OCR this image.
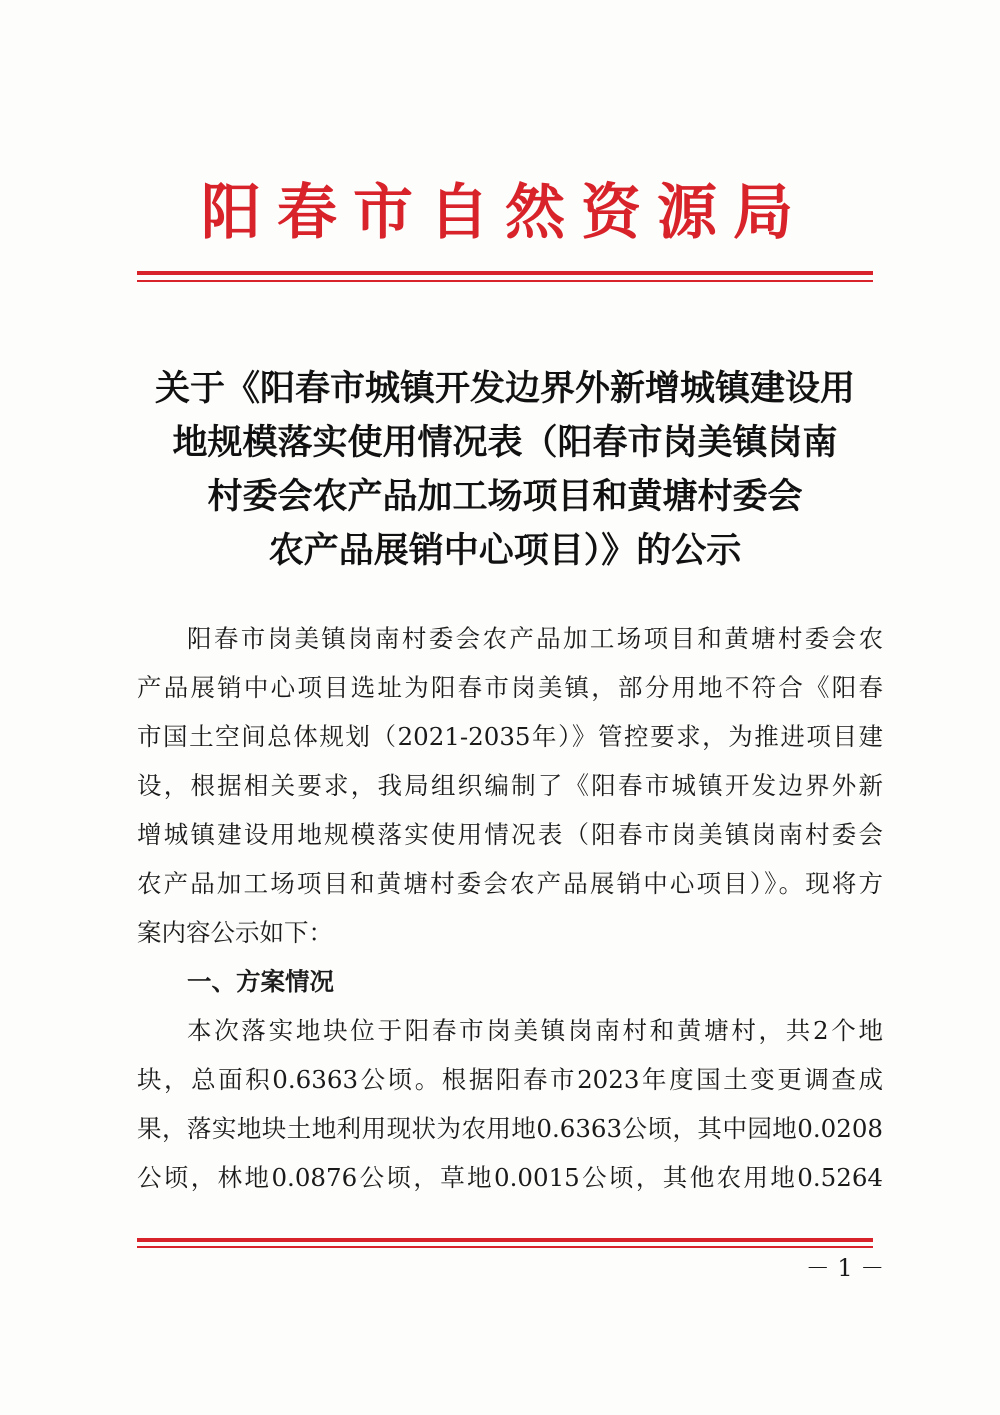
阳春市自然资源局
关于《阳春市城镇开发边界外新增城镇建设用
地规模落实使用情况表（阳春市岗美镇岗南
村委会农产品加工场项目和黄塘村委会
农产品展销中心项目）》的公示
阳春市岗美镇岗南村委会农产品加工场项目和黄塘村委会农
产品展销中心项目选址为阳春市岗美镇，部分用地不符合《阳春
市国土空间总体规划（2021-2035年）》管控要求，为推进项目建
设，根据相关要求，我局组织编制了《阳春市城镇开发边界外新
增城镇建设用地规模落实使用情况表（阳春市岗美镇岗南村委会
农产品加工场项目和黄塘村委会农产品展销中心项目）》。现将方
案内容公示如下：
一、方案情况
本次落实地块位于阳春市岗美镇岗南村和黄塘村，共2个地
块，总面积0.6363公顷。根据阳春市2023年度国土变更调查成
果，落实地块土地利用现状为农用地0.6363公顷，其中园地0.0208
公顷，林地0.0876公顷，草地0.0015公顷，其他农用地0.5264
－ 1 －
